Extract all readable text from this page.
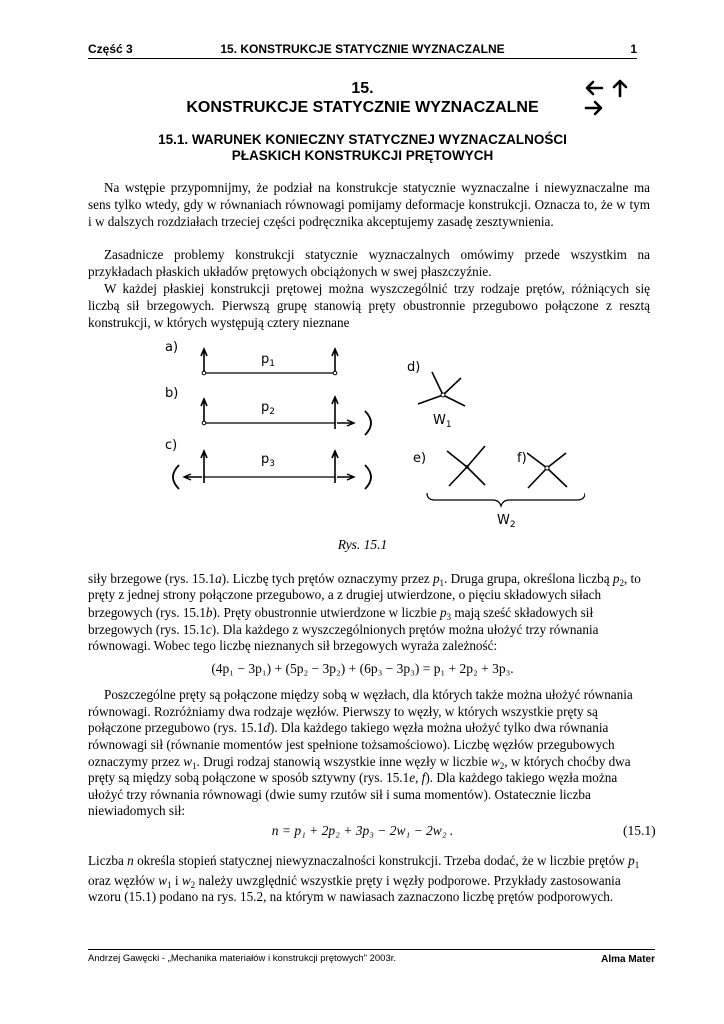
Część 3	15. KONSTRUKCJE STATYCZNIE WYZNACZALNE	1
15.
KONSTRUKCJE STATYCZNIE WYZNACZALNE

15.1. WARUNEK KONIECZNY STATYCZNEJ WYZNACZALNOŚCI
PŁASKICH KONSTRUKCJI PRĘTOWYCH

Na wstępie przypomnijmy, że podział na konstrukcje statycznie wyznaczalne i niewyznaczalne ma sens tylko wtedy, gdy w równaniach równowagi pomijamy deformacje konstrukcji. Oznacza to, że w tym i w dalszych rozdziałach trzeciej części podręcznika akceptujemy zasadę zesztywnienia.

Zasadnicze problemy konstrukcji statycznie wyznaczalnych omówimy przede wszystkim na przykładach płaskich układów prętowych obciążonych w swej płaszczyźnie.

W każdej płaskiej konstrukcji prętowej można wyszczególnić trzy rodzaje prętów, różniących się liczbą sił brzegowych. Pierwszą grupę stanowią pręty obustronnie przegubowo połączone z resztą konstrukcji, w których występują cztery nieznane

a)
$p_1$
b)
$p_2$
c)
$p_3$
d)
$W_1$
e)	f)
$W_2$
Rys. 15.1
siły brzegowe (rys. 15.1a). Liczbę tych prętów oznaczymy przez $p_1$. Druga grupa, określona liczbą $p_2$, to
pręty z jednej strony połączone przegubowo, a z drugiej utwierdzone, o pięciu składowych siłach
brzegowych (rys. 15.1b). Pręty obustronnie utwierdzone w liczbie $p_3$ mają sześć składowych sił
brzegowych (rys. 15.1c). Dla każdego z wyszczególnionych prętów można ułożyć trzy równania
równowagi. Wobec tego liczbę nieznanych sił brzegowych wyraża zależność:
(4p₁ − 3p₁) + (5p₂ − 3p₂) + (6p₃ − 3p₃) = p₁ + 2p₂ + 3p₃.
Poszczególne pręty są połączone między sobą w węzłach, dla których także można ułożyć równania
równowagi. Rozróżniamy dwa rodzaje węzłów. Pierwszy to węzły, w których wszystkie pręty są
połączone przegubowo (rys. 15.1d). Dla każdego takiego węzła można ułożyć tylko dwa równania
równowagi sił (równanie momentów jest spełnione tożsamościowo). Liczbę węzłów przegubowych
oznaczymy przez $w_1$. Drugi rodzaj stanowią wszystkie inne węzły w liczbie $w_2$, w których choćby dwa
pręty są między sobą połączone w sposób sztywny (rys. 15.1e, f). Dla każdego takiego węzła można
ułożyć trzy równania równowagi (dwie sumy rzutów sił i suma momentów). Ostatecznie liczba
niewiadomych sił:
n = p₁ + 2p₂ + 3p₃ − 2w₁ − 2w₂ .	(15.1)
Liczba n określa stopień statycznej niewyznaczalności konstrukcji. Trzeba dodać, że w liczbie prętów $p_1$
oraz węzłów $w_1$ i $w_2$ należy uwzględnić wszystkie pręty i węzły podporowe. Przykłady zastosowania
wzoru (15.1) podano na rys. 15.2, na którym w nawiasach zaznaczono liczbę prętów podporowych.
Andrzej Gawęcki - „Mechanika materiałów i konstrukcji prętowych" 2003r.	Alma Mater
